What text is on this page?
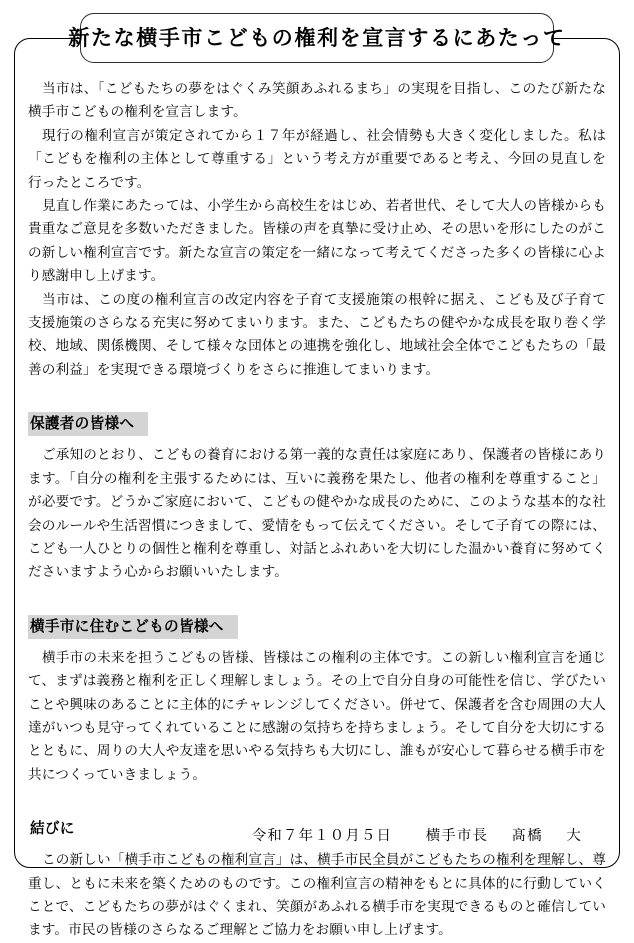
新たな横手市こどもの権利を宣言するにあたって

当市は、「こどもたちの夢をはぐくみ笑顔あふれるまち」の実現を目指し、このたび新たな横手市こどもの権利を宣言します。

現行の権利宣言が策定されてから１７年が経過し、社会情勢も大きく変化しました。私は「こどもを権利の主体として尊重する」という考え方が重要であると考え、今回の見直しを行ったところです。

見直し作業にあたっては、小学生から高校生をはじめ、若者世代、そして大人の皆様からも貴重なご意見を多数いただきました。皆様の声を真摯に受け止め、その思いを形にしたのがこの新しい権利宣言です。新たな宣言の策定を一緒になって考えてくださった多くの皆様に心より感謝申し上げます。

当市は、この度の権利宣言の改定内容を子育て支援施策の根幹に据え、こども及び子育て支援施策のさらなる充実に努めてまいります。また、こどもたちの健やかな成長を取り巻く学校、地域、関係機関、そして様々な団体との連携を強化し、地域社会全体でこどもたちの「最善の利益」を実現できる環境づくりをさらに推進してまいります。

保護者の皆様へ

ご承知のとおり、こどもの養育における第一義的な責任は家庭にあり、保護者の皆様にあります。「自分の権利を主張するためには、互いに義務を果たし、他者の権利を尊重すること」が必要です。どうかご家庭において、こどもの健やかな成長のために、このような基本的な社会のルールや生活習慣につきまして、愛情をもって伝えてください。そして子育ての際には、こども一人ひとりの個性と権利を尊重し、対話とふれあいを大切にした温かい養育に努めてくださいますよう心からお願いいたします。

横手市に住むこどもの皆様へ

横手市の未来を担うこどもの皆様、皆様はこの権利の主体です。この新しい権利宣言を通じて、まずは義務と権利を正しく理解しましょう。その上で自分自身の可能性を信じ、学びたいことや興味のあることに主体的にチャレンジしてください。併せて、保護者を含む周囲の大人達がいつも見守ってくれていることに感謝の気持ちを持ちましょう。そして自分を大切にするとともに、周りの大人や友達を思いやる気持ちも大切にし、誰もが安心して暮らせる横手市を共につくっていきましょう。

結びに

この新しい「横手市こどもの権利宣言」は、横手市民全員がこどもたちの権利を理解し、尊重し、ともに未来を築くためのものです。この権利宣言の精神をもとに具体的に行動していくことで、こどもたちの夢がはぐくまれ、笑顔があふれる横手市を実現できるものと確信しています。市民の皆様のさらなるご理解とご協力をお願い申し上げます。

令和７年１０月５日 横手市長 髙橋 大
